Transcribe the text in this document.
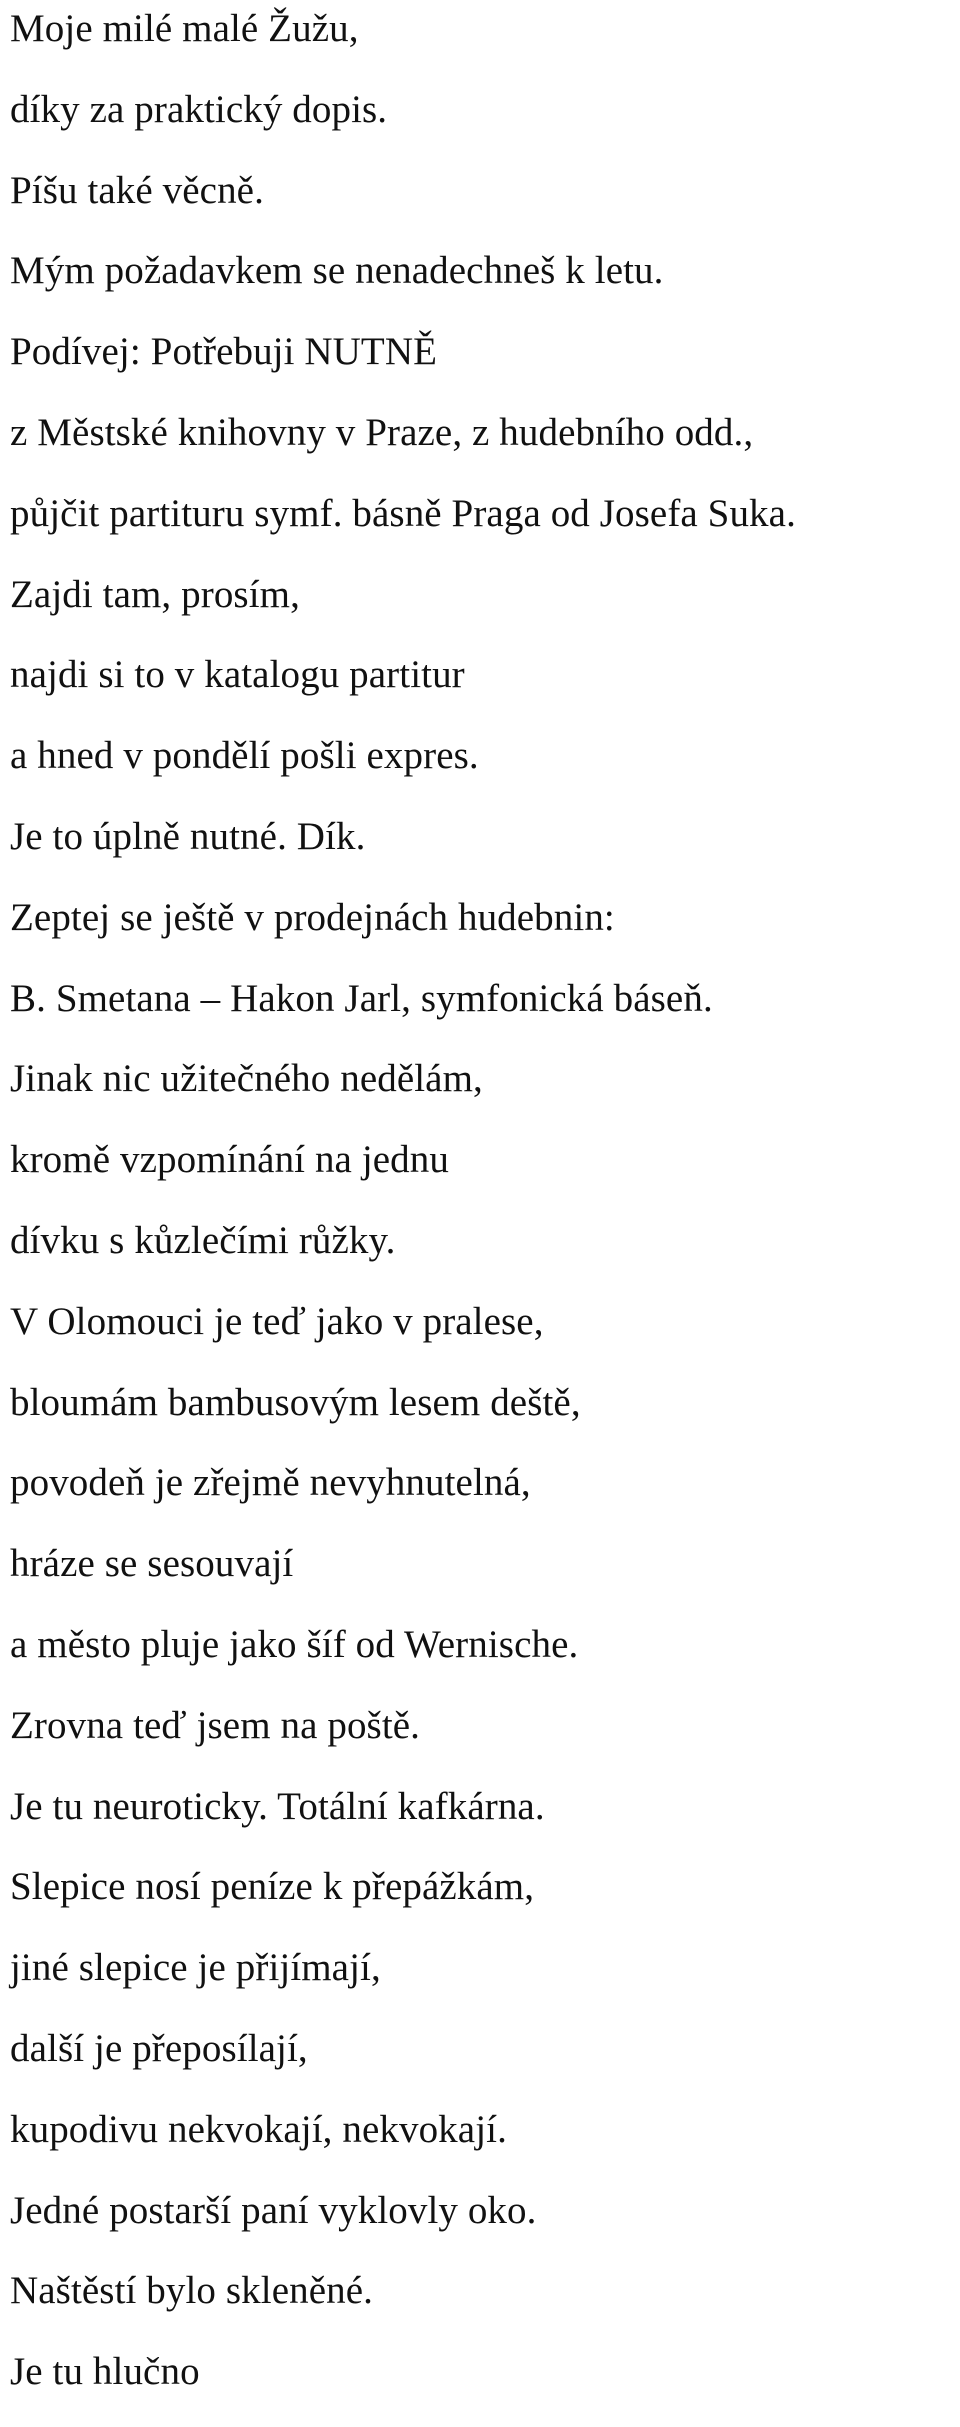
Moje milé malé Žužu,
díky za praktický dopis.
Píšu také věcně.
Mým požadavkem se nenadechneš k letu.
Podívej: Potřebuji NUTNĚ
z Městské knihovny v Praze, z hudebního odd.,
půjčit partituru symf. básně Praga od Josefa Suka.
Zajdi tam, prosím,
najdi si to v katalogu partitur
a hned v pondělí pošli expres.
Je to úplně nutné. Dík.
Zeptej se ještě v prodejnách hudebnin:
B. Smetana – Hakon Jarl, symfonická báseň.
Jinak nic užitečného nedělám,
kromě vzpomínání na jednu
dívku s kůzlečími růžky.
V Olomouci je teď jako v pralese,
bloumám bambusovým lesem deště,
povodeň je zřejmě nevyhnutelná,
hráze se sesouvají
a město pluje jako šíf od Wernische.
Zrovna teď jsem na poště.
Je tu neuroticky. Totální kafkárna.
Slepice nosí peníze k přepážkám,
jiné slepice je přijímají,
další je přeposílají,
kupodivu nekvokají, nekvokají.
Jedné postarší paní vyklovly oko.
Naštěstí bylo skleněné.
Je tu hlučno
